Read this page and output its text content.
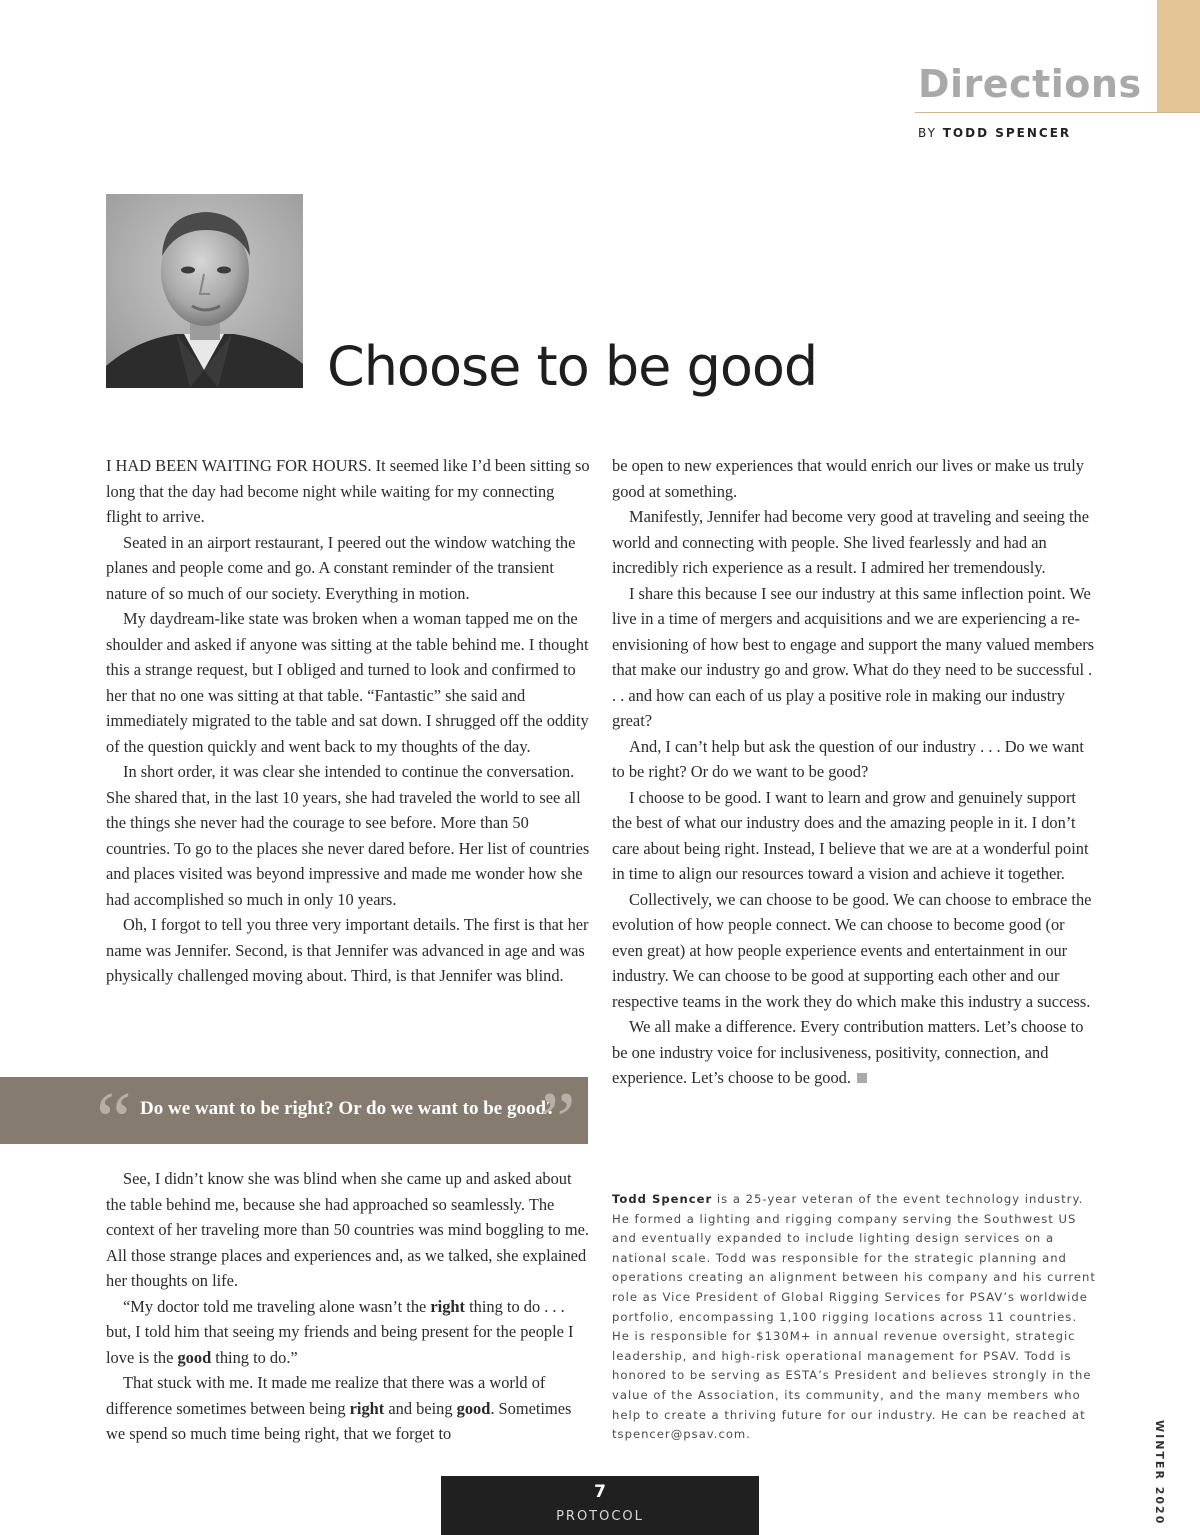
Directions
BY TODD SPENCER
Choose to be good

I HAD BEEN WAITING FOR HOURS. It seemed like I’d been sitting so long that the day had become night while waiting for my connecting flight to arrive.

Seated in an airport restaurant, I peered out the window watching the planes and people come and go. A constant reminder of the transient nature of so much of our society. Everything in motion.

My daydream-like state was broken when a woman tapped me on the shoulder and asked if anyone was sitting at the table behind me. I thought this a strange request, but I obliged and turned to look and confirmed to her that no one was sitting at that table. “Fantastic” she said and immediately migrated to the table and sat down. I shrugged off the oddity of the question quickly and went back to my thoughts of the day.

In short order, it was clear she intended to continue the conversation. She shared that, in the last 10 years, she had traveled the world to see all the things she never had the courage to see before. More than 50 countries. To go to the places she never dared before. Her list of countries and places visited was beyond impressive and made me wonder how she had accomplished so much in only 10 years.

Oh, I forgot to tell you three very important details. The first is that her name was Jennifer. Second, is that Jennifer was advanced in age and was physically challenged moving about. Third, is that Jennifer was blind.

“ Do we want to be right? Or do we want to be good?
”

See, I didn’t know she was blind when she came up and asked about the table behind me, because she had approached so seamlessly. The context of her traveling more than 50 countries was mind boggling to me. All those strange places and experiences and, as we talked, she explained her thoughts on life.

“My doctor told me traveling alone wasn’t the right thing to do . . . but, I told him that seeing my friends and being present for the people I love is the good thing to do.”

That stuck with me. It made me realize that there was a world of difference sometimes between being right and being good. Sometimes we spend so much time being right, that we forget to

be open to new experiences that would enrich our lives or make us truly good at something.

Manifestly, Jennifer had become very good at traveling and seeing the world and connecting with people. She lived fearlessly and had an incredibly rich experience as a result. I admired her tremendously.

I share this because I see our industry at this same inflection point. We live in a time of mergers and acquisitions and we are experiencing a re-envisioning of how best to engage and support the many valued members that make our industry go and grow. What do they need to be successful . . . and how can each of us play a positive role in making our industry great?

And, I can’t help but ask the question of our industry . . . Do we want to be right? Or do we want to be good?

I choose to be good. I want to learn and grow and genuinely support the best of what our industry does and the amazing people in it. I don’t care about being right. Instead, I believe that we are at a wonderful point in time to align our resources toward a vision and achieve it together.

Collectively, we can choose to be good. We can choose to embrace the evolution of how people connect. We can choose to become good (or even great) at how people experience events and entertainment in our industry. We can choose to be good at supporting each other and our respective teams in the work they do which make this industry a success.

We all make a difference. Every contribution matters. Let’s choose to be one industry voice for inclusiveness, positivity, connection, and experience. Let’s choose to be good.

Todd Spencer is a 25-year veteran of the event technology industry. He formed a lighting and rigging company serving the Southwest US and eventually expanded to include lighting design services on a national scale. Todd was responsible for the strategic planning and operations creating an alignment between his company and his current role as Vice President of Global Rigging Services for PSAV’s worldwide portfolio, encompassing 1,100 rigging locations across 11 countries. He is responsible for $130M+ in annual revenue oversight, strategic leadership, and high-risk operational management for PSAV. Todd is honored to be serving as ESTA’s President and believes strongly in the value of the Association, its community, and the many members who help to create a thriving future for our industry. He can be reached at tspencer@psav.com.
7
PROTOCOL	WINTER 2020
